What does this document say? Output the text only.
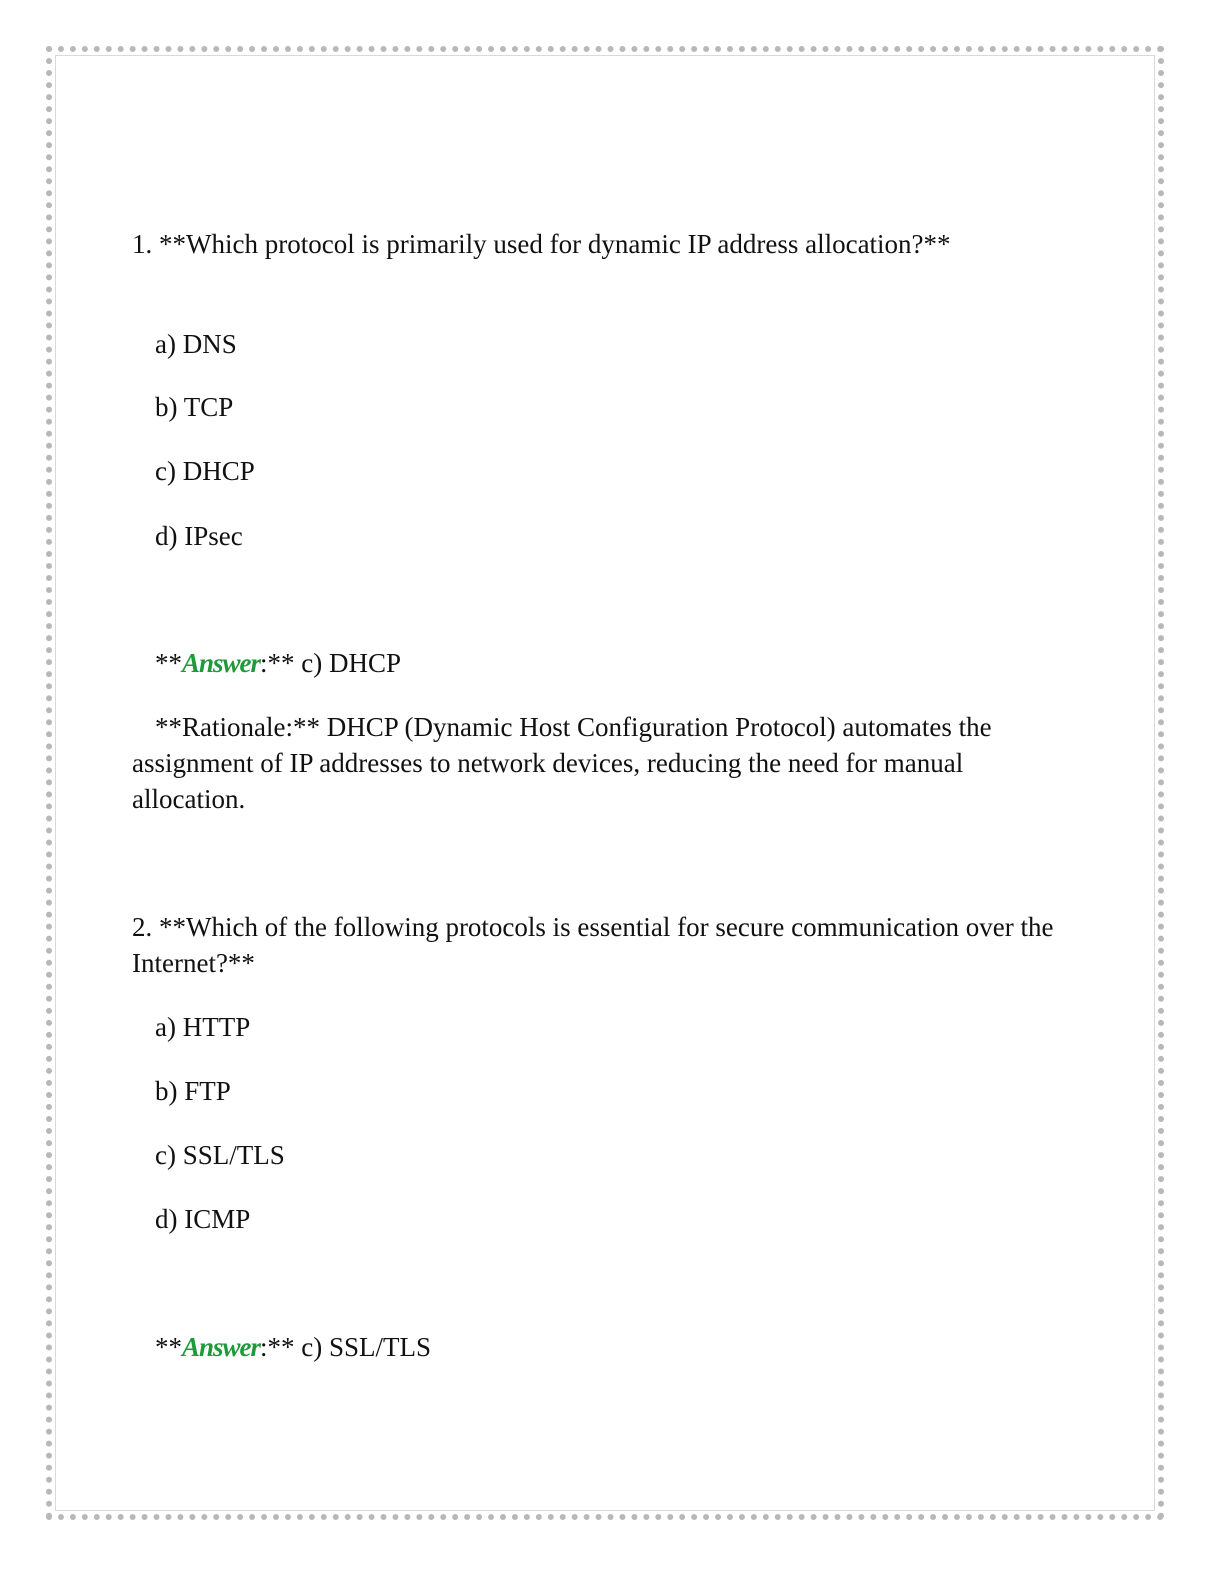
1. **Which protocol is primarily used for dynamic IP address allocation?**

a) DNS

b) TCP

c) DHCP

d) IPsec

**Answer:** c) DHCP

**Rationale:** DHCP (Dynamic Host Configuration Protocol) automates the assignment of IP addresses to network devices, reducing the need for manual allocation.

2. **Which of the following protocols is essential for secure communication over the Internet?**

a) HTTP

b) FTP

c) SSL/TLS

d) ICMP

**Answer:** c) SSL/TLS
